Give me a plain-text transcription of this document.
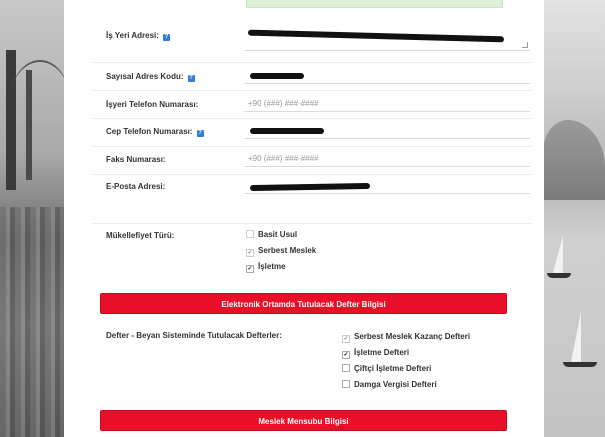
İş Yeri Adresi: ?
Sayısal Adres Kodu: ?
İşyeri Telefon Numarası:	+90 (###) ###-####
Cep Telefon Numarası: ?
Faks Numarası:	+90 (###) ###-####
E-Posta Adresi:
Mükellefiyet Türü:	Basit Usul
✓ Serbest Meslek
✓ İşletme
Elektronik Ortamda Tutulacak Defter Bilgisi
Defter - Beyan Sisteminde Tutulacak Defterler:	✓ Serbest Meslek Kazanç Defteri
✓ İşletme Defteri
Çiftçi İşletme Defteri
Damga Vergisi Defteri
Meslek Mensubu Bilgisi
